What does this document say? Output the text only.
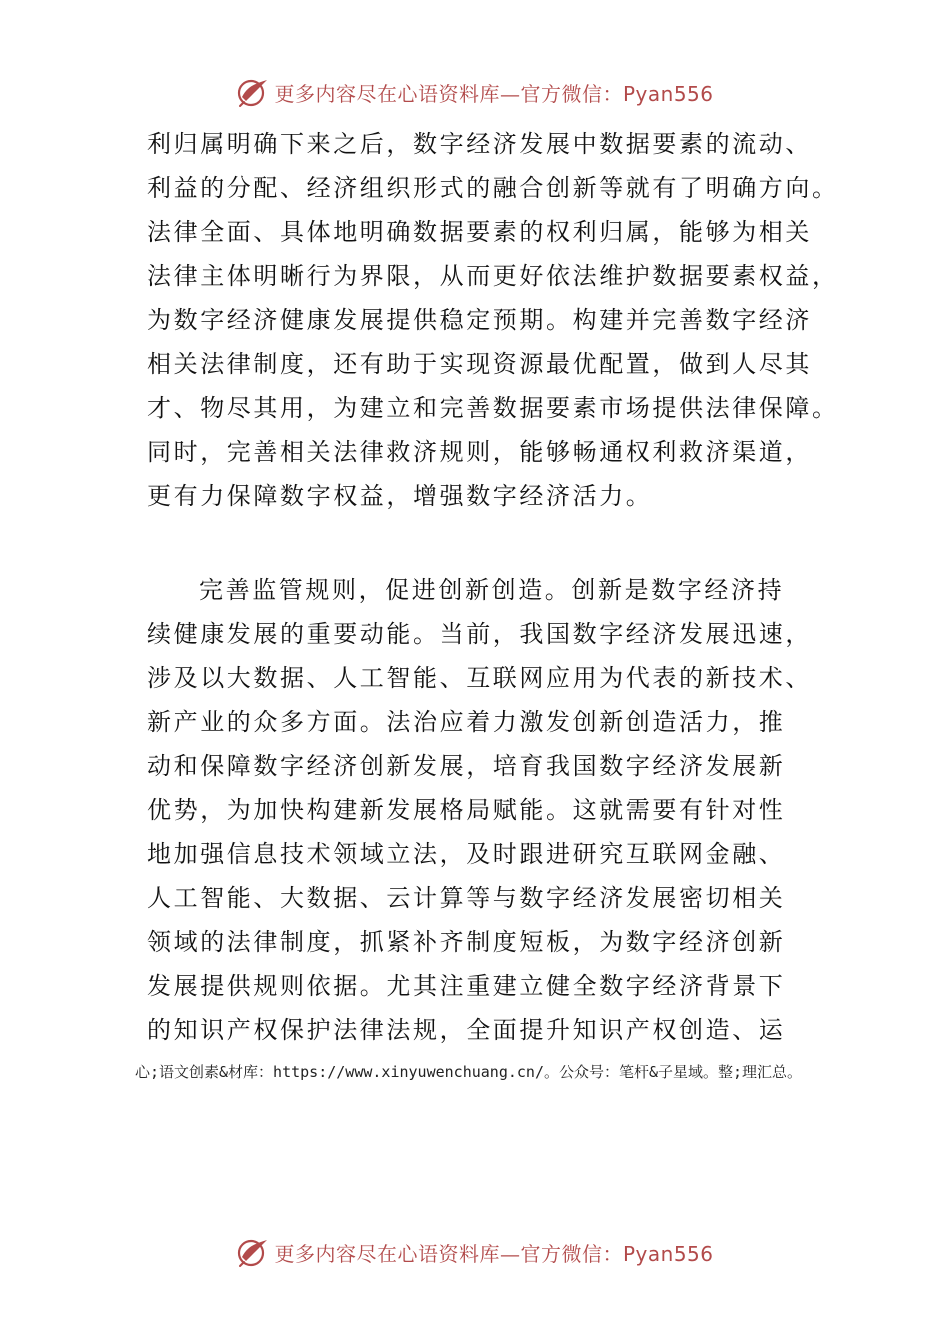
更多内容尽在心语资料库—官方微信：Pyan556
利归属明确下来之后，数字经济发展中数据要素的流动、
利益的分配、经济组织形式的融合创新等就有了明确方向。
法律全面、具体地明确数据要素的权利归属，能够为相关
法律主体明晰行为界限，从而更好依法维护数据要素权益，
为数字经济健康发展提供稳定预期。构建并完善数字经济
相关法律制度，还有助于实现资源最优配置，做到人尽其
才、物尽其用，为建立和完善数据要素市场提供法律保障。
同时，完善相关法律救济规则，能够畅通权利救济渠道，
更有力保障数字权益，增强数字经济活力。
完善监管规则，促进创新创造。创新是数字经济持
续健康发展的重要动能。当前，我国数字经济发展迅速，
涉及以大数据、人工智能、互联网应用为代表的新技术、
新产业的众多方面。法治应着力激发创新创造活力，推
动和保障数字经济创新发展，培育我国数字经济发展新
优势，为加快构建新发展格局赋能。这就需要有针对性
地加强信息技术领域立法，及时跟进研究互联网金融、
人工智能、大数据、云计算等与数字经济发展密切相关
领域的法律制度，抓紧补齐制度短板，为数字经济创新
发展提供规则依据。尤其注重建立健全数字经济背景下
的知识产权保护法律法规，全面提升知识产权创造、运
心;语文创素&材库：https://www.xinyuwenchuang.cn/。公众号：笔杆&子星域。整;理汇总。
更多内容尽在心语资料库—官方微信：Pyan556
